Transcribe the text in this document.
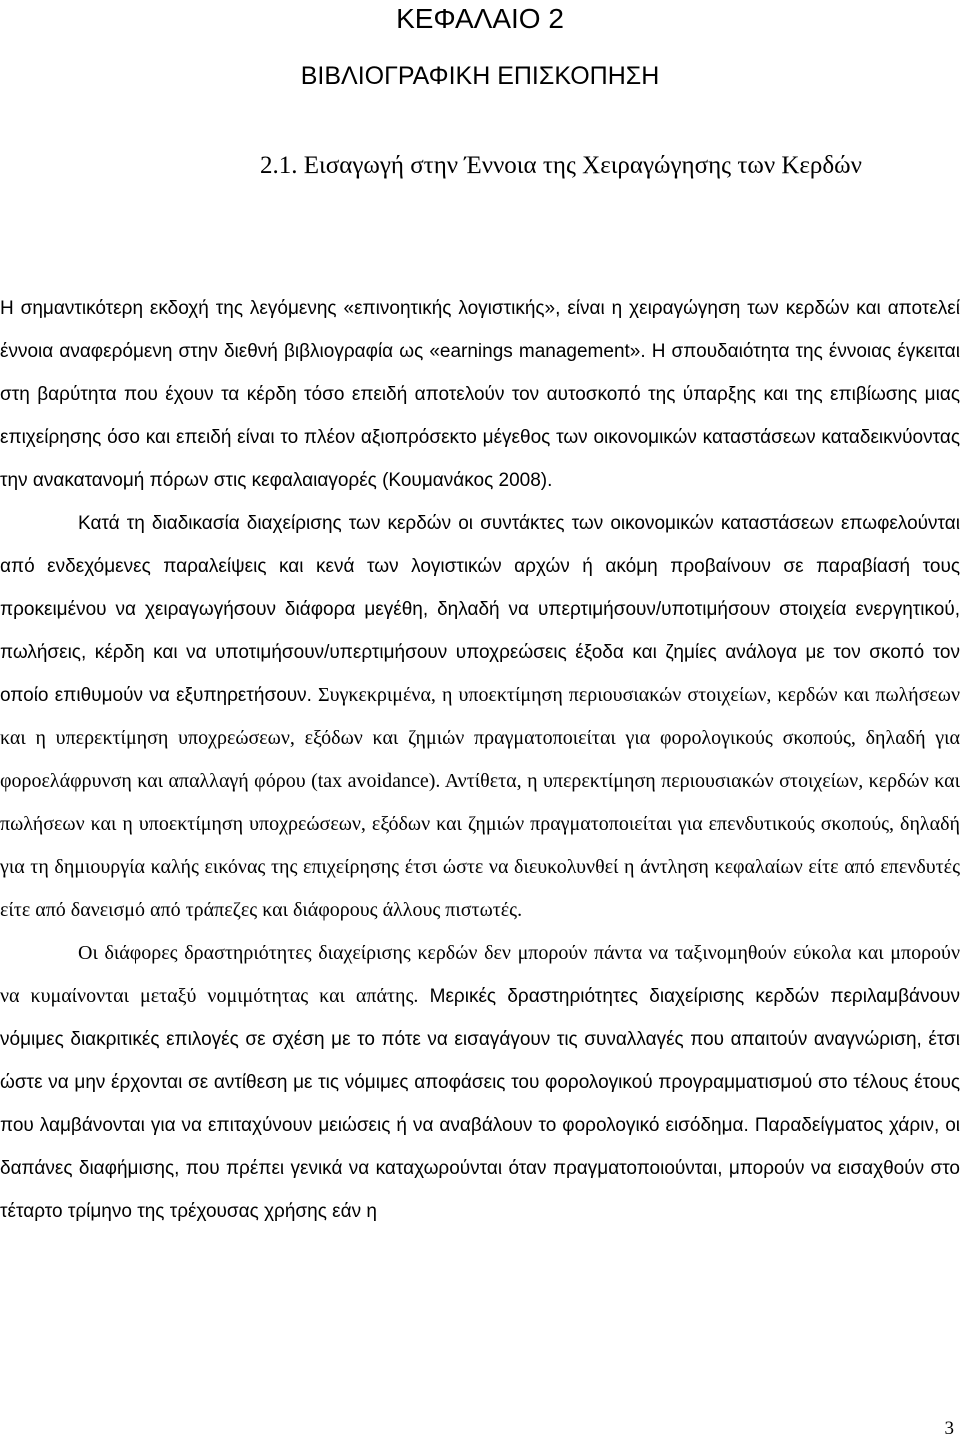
ΚΕΦΑΛΑΙΟ 2
ΒΙΒΛΙΟΓΡΑΦΙΚΗ ΕΠΙΣΚΟΠΗΣΗ
2.1. Εισαγωγή στην Έννοια της Χειραγώγησης των Κερδών

Η σημαντικότερη εκδοχή της λεγόμενης «επινοητικής λογιστικής», είναι η χειραγώγηση των κερδών και αποτελεί έννοια αναφερόμενη στην διεθνή βιβλιογραφία ως «earnings management». Η σπουδαιότητα της έννοιας έγκειται στη βαρύτητα που έχουν τα κέρδη τόσο επειδή αποτελούν τον αυτοσκοπό της ύπαρξης και της επιβίωσης μιας επιχείρησης όσο και επειδή είναι το πλέον αξιοπρόσεκτο μέγεθος των οικονομικών καταστάσεων καταδεικνύοντας την ανακατανομή πόρων στις κεφαλαιαγορές (Κουμανάκος 2008).

Κατά τη διαδικασία διαχείρισης των κερδών οι συντάκτες των οικονομικών καταστάσεων επωφελούνται από ενδεχόμενες παραλείψεις και κενά των λογιστικών αρχών ή ακόμη προβαίνουν σε παραβίασή τους προκειμένου να χειραγωγήσουν διάφορα μεγέθη, δηλαδή να υπερτιμήσουν/υποτιμήσουν στοιχεία ενεργητικού, πωλήσεις, κέρδη και να υποτιμήσουν/υπερτιμήσουν υποχρεώσεις έξοδα και ζημίες ανάλογα με τον σκοπό τον οποίο επιθυμούν να εξυπηρετήσουν. Συγκεκριμένα, η υποεκτίμηση περιουσιακών στοιχείων, κερδών και πωλήσεων και η υπερεκτίμηση υποχρεώσεων, εξόδων και ζημιών πραγματοποιείται για φορολογικούς σκοπούς, δηλαδή για φοροελάφρυνση και απαλλαγή φόρου (tax avoidance). Αντίθετα, η υπερεκτίμηση περιουσιακών στοιχείων, κερδών και πωλήσεων και η υποεκτίμηση υποχρεώσεων, εξόδων και ζημιών πραγματοποιείται για επενδυτικούς σκοπούς, δηλαδή για τη δημιουργία καλής εικόνας της επιχείρησης έτσι ώστε να διευκολυνθεί η άντληση κεφαλαίων είτε από επενδυτές είτε από δανεισμό από τράπεζες και διάφορους άλλους πιστωτές.

Οι διάφορες δραστηριότητες διαχείρισης κερδών δεν μπορούν πάντα να ταξινομηθούν εύκολα και μπορούν να κυμαίνονται μεταξύ νομιμότητας και απάτης. Μερικές δραστηριότητες διαχείρισης κερδών περιλαμβάνουν νόμιμες διακριτικές επιλογές σε σχέση με το πότε να εισαγάγουν τις συναλλαγές που απαιτούν αναγνώριση, έτσι ώστε να μην έρχονται σε αντίθεση με τις νόμιμες αποφάσεις του φορολογικού προγραμματισμού στο τέλους έτους που λαμβάνονται για να επιταχύνουν μειώσεις ή να αναβάλουν το φορολογικό εισόδημα. Παραδείγματος χάριν, οι δαπάνες διαφήμισης, που πρέπει γενικά να καταχωρούνται όταν πραγματοποιούνται, μπορούν να εισαχθούν στο τέταρτο τρίμηνο της τρέχουσας χρήσης εάν η

3
